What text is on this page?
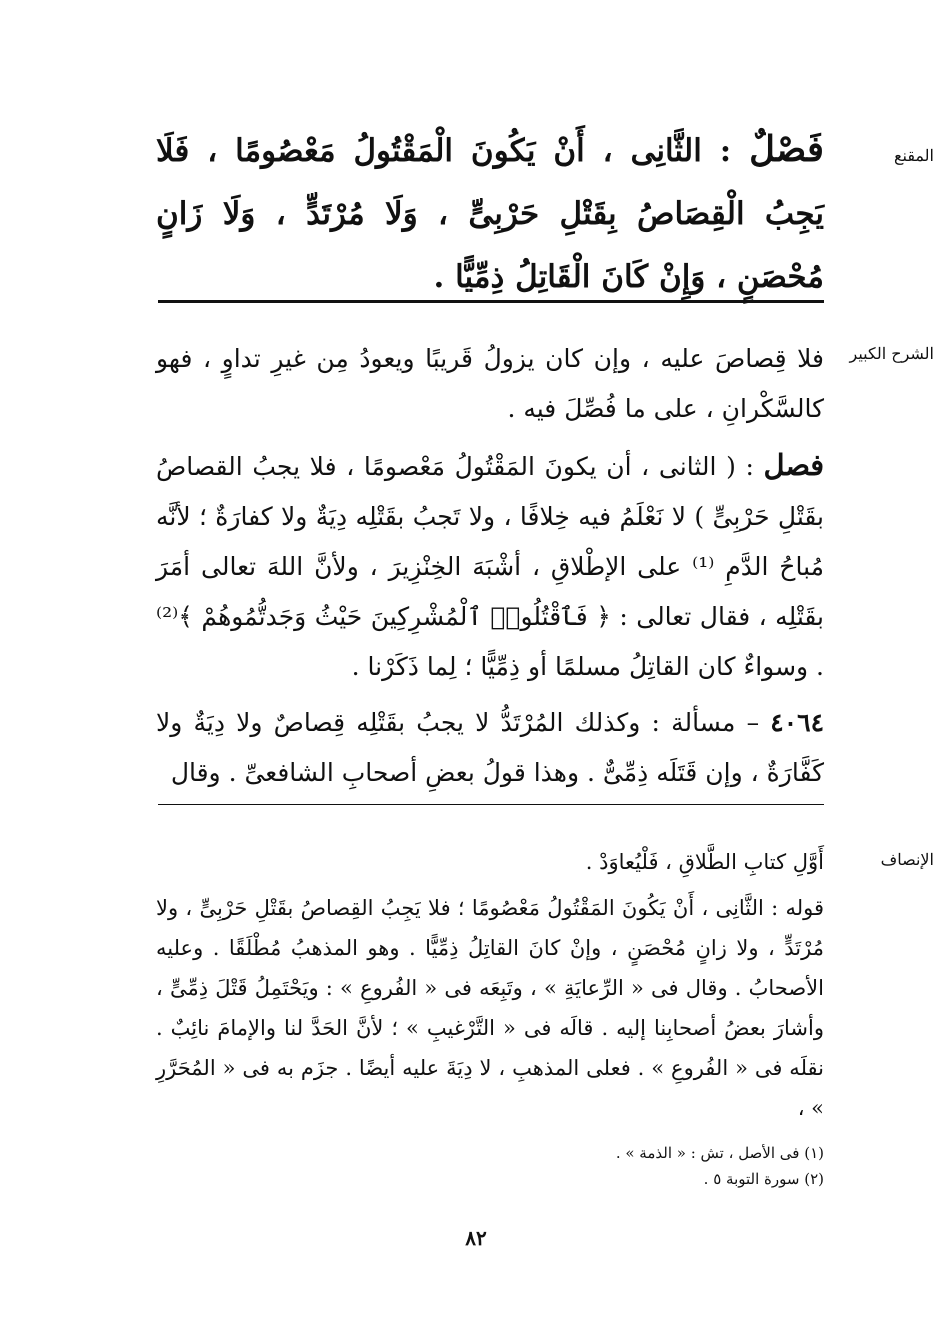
المقنع
فَصْلٌ : الثَّانِى ، أَنْ يَكُونَ الْمَقْتُولُ مَعْصُومًا ، فَلَا يَجِبُ الْقِصَاصُ بِقَتْلِ حَرْبِىٍّ ، وَلَا مُرْتَدٍّ ، وَلَا زَانٍ مُحْصَنٍ ، وَإِنْ كَانَ الْقَاتِلُ ذِمِّيًّا .
الشرح الكبير

فلا قِصاصَ عليه ، وإن كان يزولُ قَريبًا ويعودُ مِن غيرِ تداوٍ ، فهو كالسَّكْرانِ ، على ما فُصِّلَ فيه .

فصل : ( الثانى ، أن يكونَ المَقْتُولُ مَعْصومًا ، فلا يجبُ القصاصُ بقَتْلِ حَرْبِىٍّ ) لا نَعْلَمُ فيه خِلافًا ، ولا تَجبُ بقَتْلِه دِيَةٌ ولا كفارَةٌ ؛ لأنَّه مُباحُ الدَّمِ ⁽¹⁾ على الإطْلاقِ ، أشْبَهَ الخِنْزِيرَ ، ولأنَّ اللهَ تعالى أمَرَ بقَتْلِه ، فقال تعالى : ﴿ فَٱقْتُلُوا۟ ٱلْمُشْرِكِينَ حَيْثُ وَجَدتُّمُوهُمْ ﴾⁽²⁾ . وسواءٌ كان القاتِلُ مسلمًا أو ذِمِّيًّا ؛ لِما ذَكَرْنا .

٤٠٦٤ – مسألة : وكذلك المُرْتَدُّ لا يجبُ بقَتْلِه قِصاصٌ ولا دِيَةٌ ولا كَفَّارَةٌ ، وإن قَتَلَه ذِمِّىٌّ . وهذا قولُ بعضِ أصحابِ الشافعىِّ . وقال

الإنصاف

أَوَّلِ كتابِ الطَّلاقِ ، فَلْيُعاوَدْ .

قوله : الثَّانِى ، أَنْ يَكُونَ المَقْتُولُ مَعْصُومًا ؛ فلا يَجِبُ القِصاصُ بقَتْلِ حَرْبِىٍّ ، ولا مُرْتَدٍّ ، ولا زانٍ مُحْصَنٍ ، وإنْ كانَ القاتِلُ ذِمِّيًّا . وهو المذهبُ مُطْلَقًا . وعليه الأصحابُ . وقال فى « الرِّعايَةِ » ، وتَبِعَه فى « الفُروعِ » : ويَحْتَمِلُ قَتْلَ ذِمِّىٍّ ، وأشارَ بعضُ أصحابِنا إليه . قالَه فى « التَّرْغيبِ » ؛ لأنَّ الحَدَّ لنا والإمامَ نائِبٌ . نقلَه فى « الفُروعِ » . فعلى المذهبِ ، لا دِيَةَ عليه أيضًا . جزَم به فى « المُحَرَّرِ » ،

(١) فى الأصل ، تش : « الذمة » .
(٢) سورة التوبة ٥ .
٨٢
